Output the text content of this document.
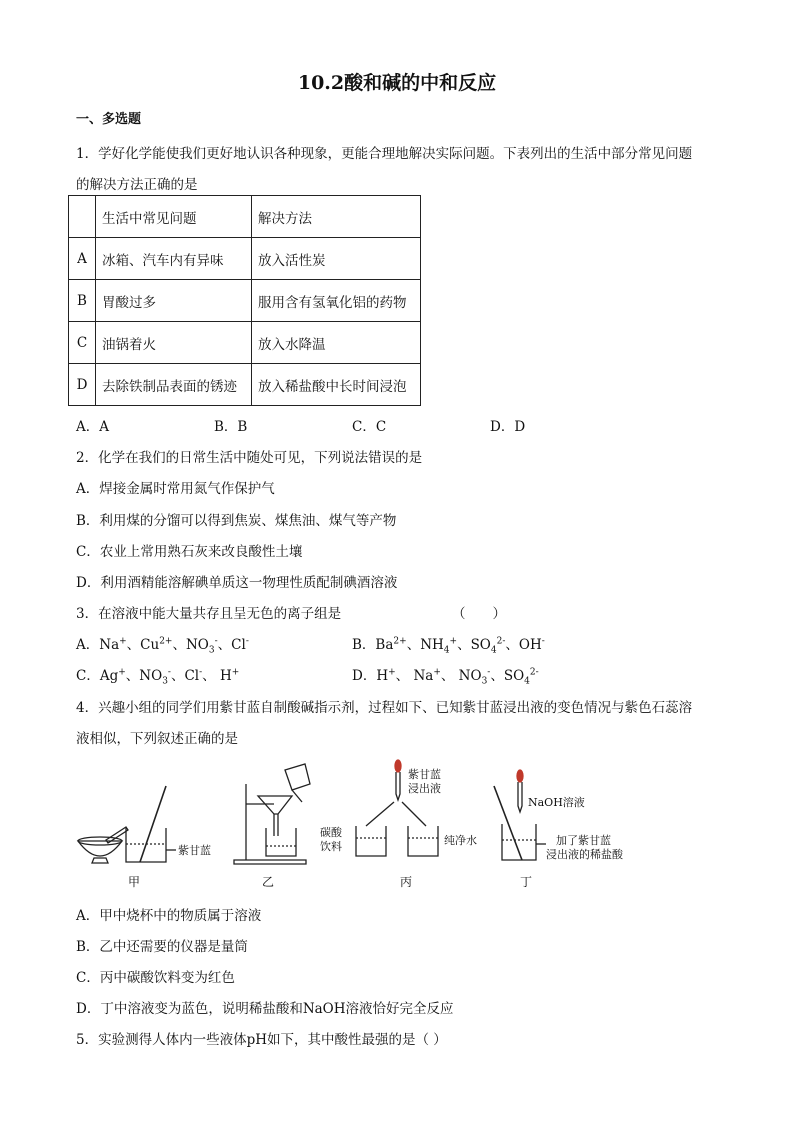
10.2酸和碱的中和反应
一、多选题
1．学好化学能使我们更好地认识各种现象，更能合理地解决实际问题。下表列出的生活中部分常见问题
的解决方法正确的是
	生活中常见问题	解决方法
A	冰箱、汽车内有异味	放入活性炭
B	胃酸过多	服用含有氢氧化铝的药物
C	油锅着火	放入水降温
D	去除铁制品表面的锈迹	放入稀盐酸中长时间浸泡
A．A	B．B	C．C	D．D
2．化学在我们的日常生活中随处可见，下列说法错误的是
A．焊接金属时常用氮气作保护气
B．利用煤的分馏可以得到焦炭、煤焦油、煤气等产物
C．农业上常用熟石灰来改良酸性土壤
D．利用酒精能溶解碘单质这一物理性质配制碘酒溶液
3．在溶液中能大量共存且呈无色的离子组是	（　　）
A．Na+、$Cu^{2+}$、$NO_3^-$、Cl-	B．$Ba^{2+}$、$NH_4^+$、$SO_4^{2-}$、OH-
C．Ag+、$NO_3^-$、Cl-、 H+	D．H+、 Na+、 $NO_3^-$、$SO_4^{2-}$
4．兴趣小组的同学们用紫甘蓝自制酸碱指示剂，过程如下、已知紫甘蓝浸出液的变色情况与紫色石蕊溶
液相似，下列叙述正确的是
紫甘蓝
紫甘蓝
浸出液
碳酸
饮料	纯净水
NaOH溶液
加了紫甘蓝
浸出液的稀盐酸
甲	乙	丙	丁
A．甲中烧杯中的物质属于溶液
B．乙中还需要的仪器是量筒
C．丙中碳酸饮料变为红色
D．丁中溶液变为蓝色，说明稀盐酸和NaOH溶液恰好完全反应
5．实验测得人体内一些液体pH如下，其中酸性最强的是（ ）
